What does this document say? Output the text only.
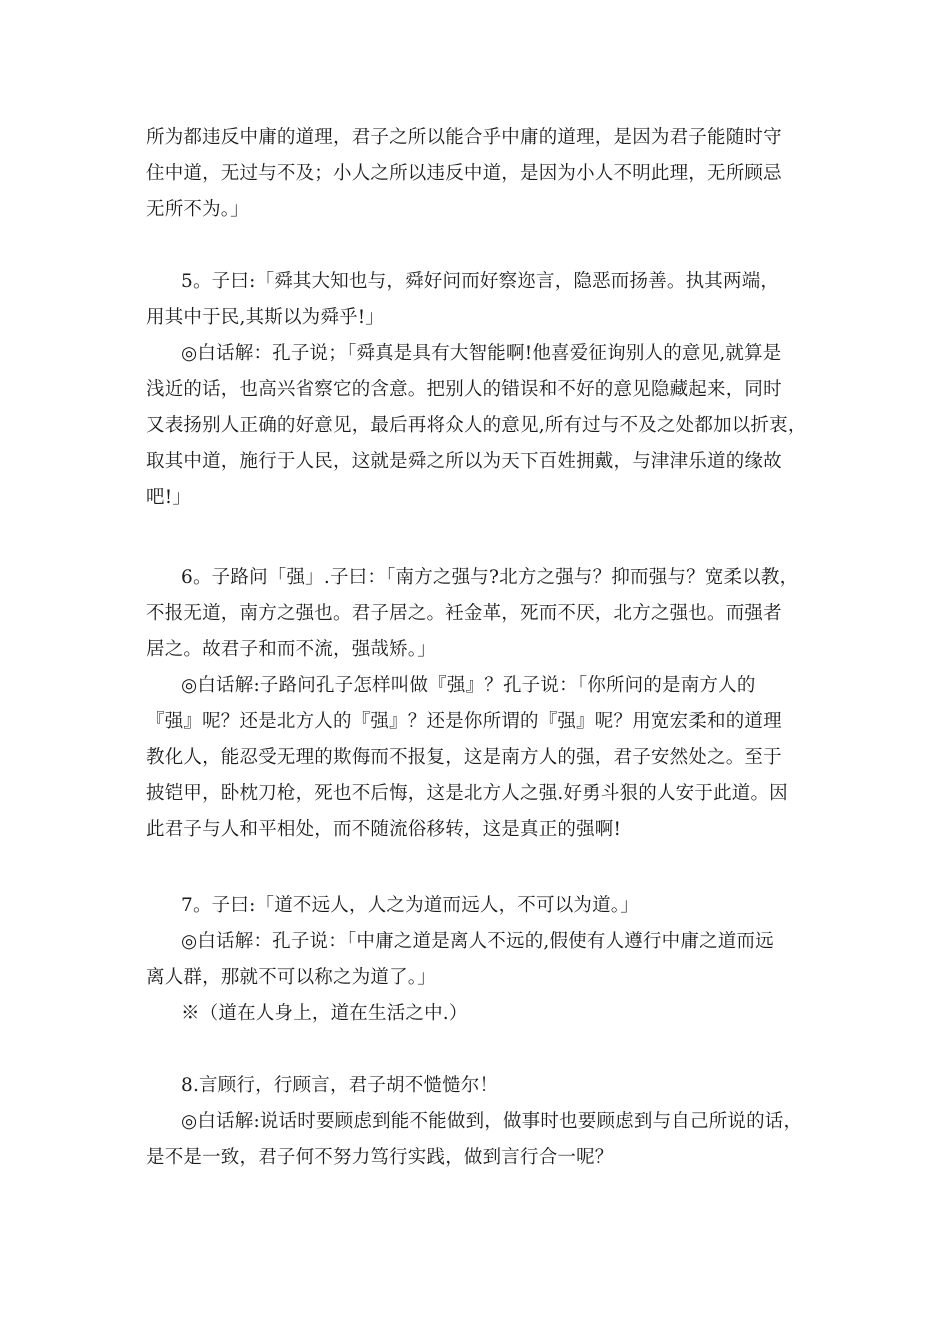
所为都违反中庸的道理，君子之所以能合乎中庸的道理，是因为君子能随时守
住中道，无过与不及；小人之所以违反中道，是因为小人不明此理，无所顾忌
无所不为。」
5。子曰:「舜其大知也与，舜好问而好察迩言，隐恶而扬善。执其两端，
用其中于民,其斯以为舜乎!」
◎白话解：孔子说；「舜真是具有大智能啊!他喜爱征询别人的意见,就算是
浅近的话，也高兴省察它的含意。把别人的错误和不好的意见隐藏起来，同时
又表扬别人正确的好意见，最后再将众人的意见,所有过与不及之处都加以折衷，
取其中道，施行于人民，这就是舜之所以为天下百姓拥戴，与津津乐道的缘故
吧!」
6。子路问「强」.子曰：「南方之强与?北方之强与？抑而强与？宽柔以教，
不报无道，南方之强也。君子居之。衽金革，死而不厌，北方之强也。而强者
居之。故君子和而不流，强哉矫。」
◎白话解:子路问孔子怎样叫做『强』？孔子说：「你所问的是南方人的
『强』呢？还是北方人的『强』？还是你所谓的『强』呢？用宽宏柔和的道理
教化人，能忍受无理的欺侮而不报复，这是南方人的强，君子安然处之。至于
披铠甲，卧枕刀枪，死也不后悔，这是北方人之强.好勇斗狠的人安于此道。因
此君子与人和平相处，而不随流俗移转，这是真正的强啊!
7。子曰:「道不远人，人之为道而远人，不可以为道。」
◎白话解：孔子说：「中庸之道是离人不远的,假使有人遵行中庸之道而远
离人群，那就不可以称之为道了。」
※（道在人身上，道在生活之中.）
8.言顾行，行顾言，君子胡不慥慥尔！
◎白话解:说话时要顾虑到能不能做到，做事时也要顾虑到与自己所说的话，
是不是一致，君子何不努力笃行实践，做到言行合一呢？
